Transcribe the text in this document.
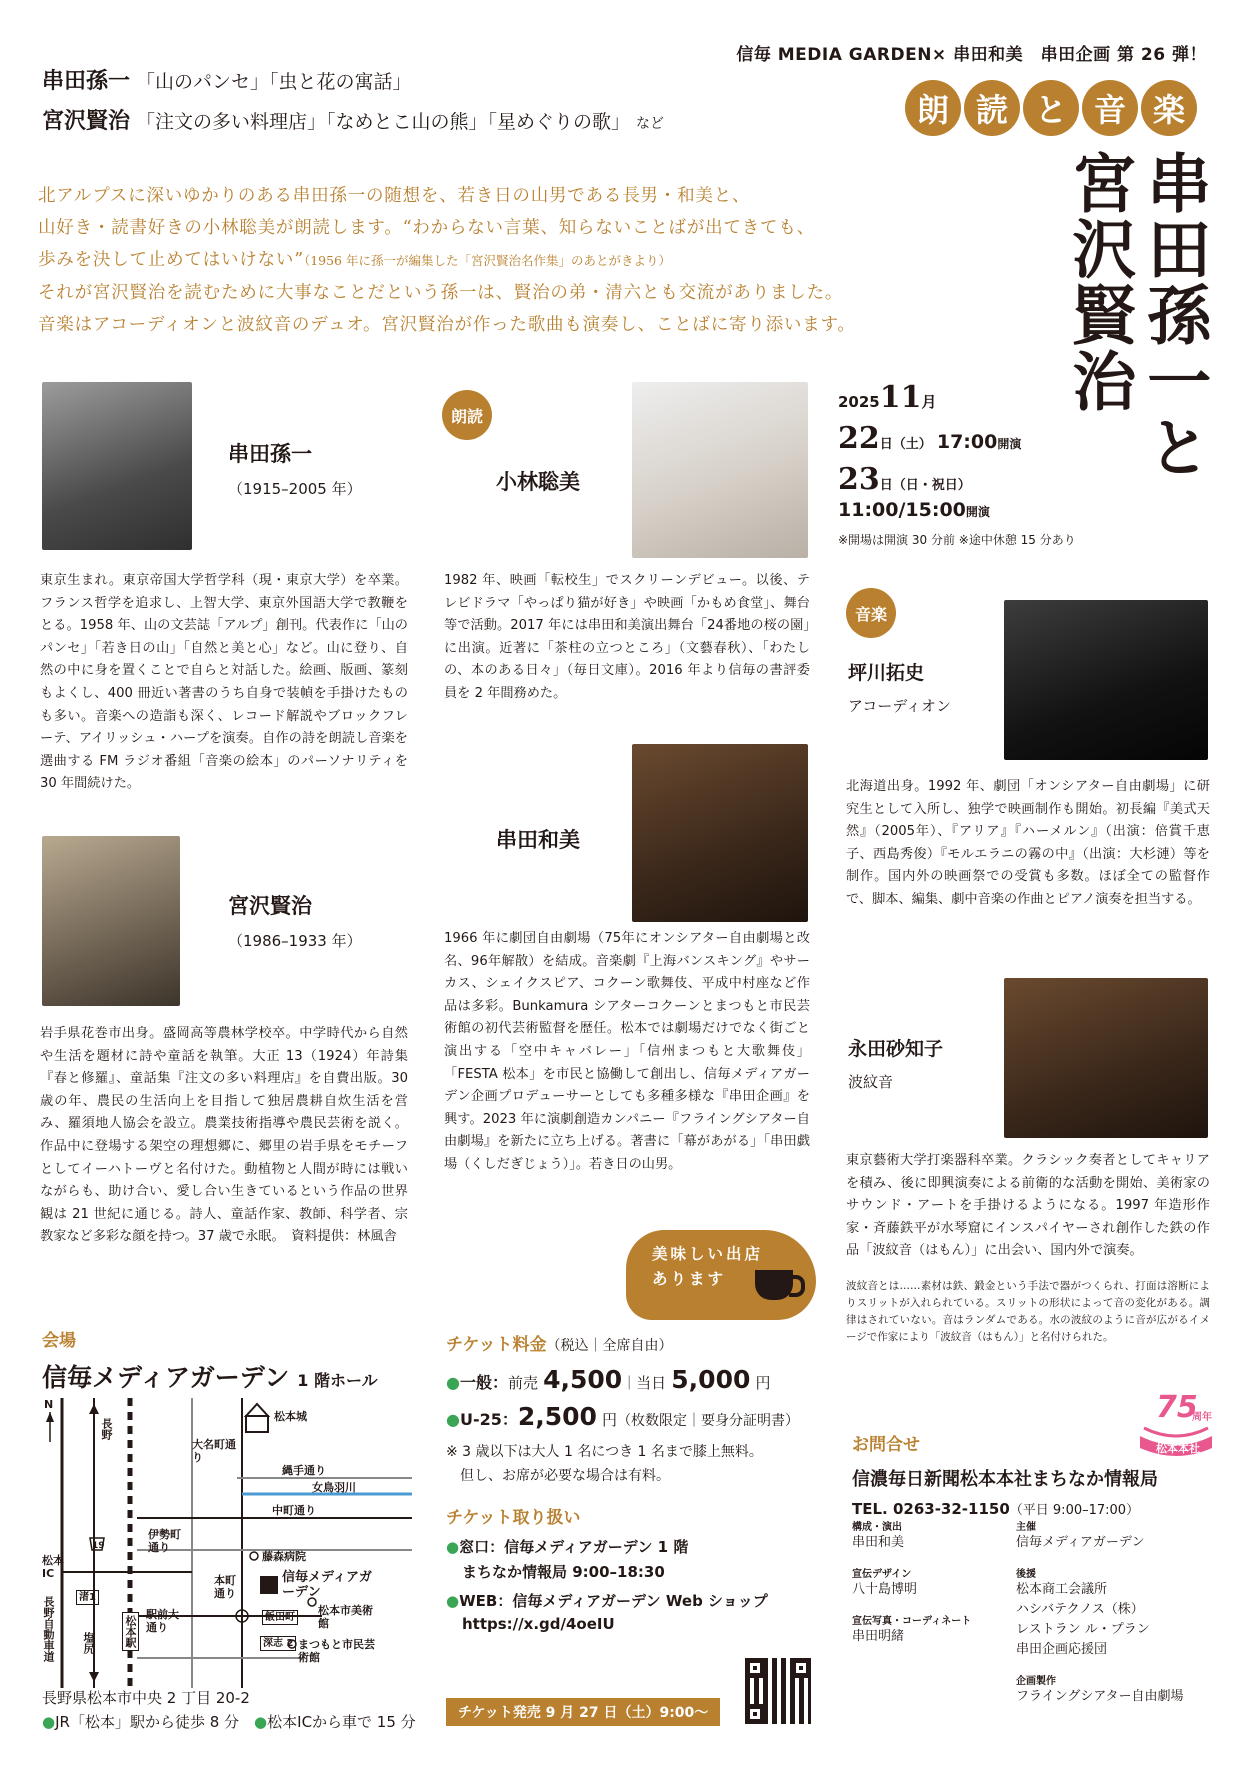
信毎 MEDIA GARDEN× 串田和美　串田企画 第 26 弾！
串田孫一 「山のパンセ」「虫と花の寓話」
宮沢賢治 「注文の多い料理店」「なめとこ山の熊」「星めぐりの歌」 など	朗 読 と 音 楽
串田孫一と
宮沢賢治
北アルプスに深いゆかりのある串田孫一の随想を、若き日の山男である長男・和美と、
山好き・読書好きの小林聡美が朗読します。“わからない言葉、知らないことばが出てきても、
歩みを決して止めてはいけない”（1956 年に孫一が編集した「宮沢賢治名作集」のあとがきより）
それが宮沢賢治を読むために大事なことだという孫一は、賢治の弟・清六とも交流がありました。
音楽はアコーディオンと波紋音のデュオ。宮沢賢治が作った歌曲も演奏し、ことばに寄り添います。
202511月
22日（土） 17:00開演
23日（日・祝日）
11:00/15:00開演
※開場は開演 30 分前 ※途中休憩 15 分あり
串田孫一
（1915–2005 年）
東京生まれ。東京帝国大学哲学科（現・東京大学）を卒業。フランス哲学を追求し、上智大学、東京外国語大学で教鞭をとる。1958 年、山の文芸誌「アルプ」創刊。代表作に「山のパンセ」「若き日の山」「自然と美と心」など。山に登り、自然の中に身を置くことで自らと対話した。絵画、版画、篆刻もよくし、400 冊近い著書のうち自身で装幀を手掛けたものも多い。音楽への造詣も深く、レコード解説やブロックフレーテ、アイリッシュ・ハープを演奏。自作の詩を朗読し音楽を選曲する FM ラジオ番組「音楽の絵本」のパーソナリティを 30 年間続けた。
宮沢賢治
（1986–1933 年）
岩手県花巻市出身。盛岡高等農林学校卒。中学時代から自然や生活を題材に詩や童話を執筆。大正 13（1924）年詩集『春と修羅』、童話集『注文の多い料理店』を自費出版。30 歳の年、農民の生活向上を目指して独居農耕自炊生活を営み、羅須地人協会を設立。農業技術指導や農民芸術を説く。作品中に登場する架空の理想郷に、郷里の岩手県をモチーフとしてイーハトーヴと名付けた。動植物と人間が時には戦いながらも、助け合い、愛し合い生きているという作品の世界観は 21 世紀に通じる。詩人、童話作家、教師、科学者、宗教家など多彩な顔を持つ。37 歳で永眠。　資料提供：林風舎
朗読
小林聡美
1982 年、映画「転校生」でスクリーンデビュー。以後、テレビドラマ「やっぱり猫が好き」や映画「かもめ食堂」、舞台等で活動。2017 年には串田和美演出舞台「24番地の桜の園」に出演。近著に「茶柱の立つところ」（文藝春秋）、「わたしの、本のある日々」（毎日文庫）。2016 年より信毎の書評委員を 2 年間務めた。
串田和美
1966 年に劇団自由劇場（75年にオンシアター自由劇場と改名、96年解散）を結成。音楽劇『上海バンスキング』やサーカス、シェイクスピア、コクーン歌舞伎、平成中村座など作品は多彩。Bunkamura シアターコクーンとまつもと市民芸術館の初代芸術監督を歴任。松本では劇場だけでなく街ごと演出する「空中キャバレー」「信州まつもと大歌舞伎」「FESTA 松本」を市民と協働して創出し、信毎メディアガーデン企画プロデューサーとしても多種多様な『串田企画』を興す。2023 年に演劇創造カンパニー『フライングシアター自由劇場』を新たに立ち上げる。著書に「幕があがる」「串田戯場（くしだぎじょう）」。若き日の山男。
音楽
坪川拓史
アコーディオン
北海道出身。1992 年、劇団「オンシアター自由劇場」に研究生として入所し、独学で映画制作も開始。初長編『美式天然』（2005年）、『アリア』『ハーメルン』（出演：倍賞千恵子、西島秀俊）『モルエラニの霧の中』（出演：大杉漣）等を制作。国内外の映画祭での受賞も多数。ほぼ全ての監督作で、脚本、編集、劇中音楽の作曲とピアノ演奏を担当する。
永田砂知子
波紋音
東京藝術大学打楽器科卒業。クラシック奏者としてキャリアを積み、後に即興演奏による前衛的な活動を開始、美術家のサウンド・アートを手掛けるようになる。1997 年造形作家・斉藤鉄平が水琴窟にインスパイヤーされ創作した鉄の作品「波紋音（はもん）」に出会い、国内外で演奏。
波紋音とは……素材は鉄、鍛金という手法で器がつくられ、打面は溶断によりスリットが入れられている。スリットの形状によって音の変化がある。調律はされていない。音はランダムである。水の波紋のように音が広がるイメージで作家により「波紋音（はもん）」と名付けられた。
美味しい出店
あります
会場
信毎メディアガーデン 1 階ホール
N
長野
松本城
大名町通り
縄手通り
女鳥羽川
中町通り
伊勢町通り
藤森病院
信毎メディアガーデン
本町通り
松本市美術館
駅前大通り
松本IC
長野自動車道 塩尻	松本駅	まつもと市民芸術館
19
深志 2
飯田町
渚1
長野県松本市中央 2 丁目 20-2
●JR「松本」駅から徒歩 8 分　 ●松本ICから車で 15 分
チケット料金（税込｜全席自由）
●一般：前売 4,500｜当日 5,000 円
●U-25：2,500 円（枚数限定｜要身分証明書）
※ 3 歳以下は大人 1 名につき 1 名まで膝上無料。
但し、お席が必要な場合は有料。
チケット取り扱い
●窓口：信毎メディアガーデン 1 階
まちなか情報局 9:00–18:30
●WEB：信毎メディアガーデン Web ショップ
https://x.gd/4oeIU
チケット発売 9 月 27 日（土）9:00～
75
周年
松本本社
お問合せ
信濃毎日新聞松本本社まちなか情報局
TEL. 0263-32-1150（平日 9:00–17:00）
構成・演出
串田和美
宣伝デザイン
八十島博明
宣伝写真・コーディネート
串田明緒
主催
信毎メディアガーデン
後援
松本商工会議所
ハシバテクノス（株）
レストラン ル・プラン
串田企画応援団
企画製作
フライングシアター自由劇場
